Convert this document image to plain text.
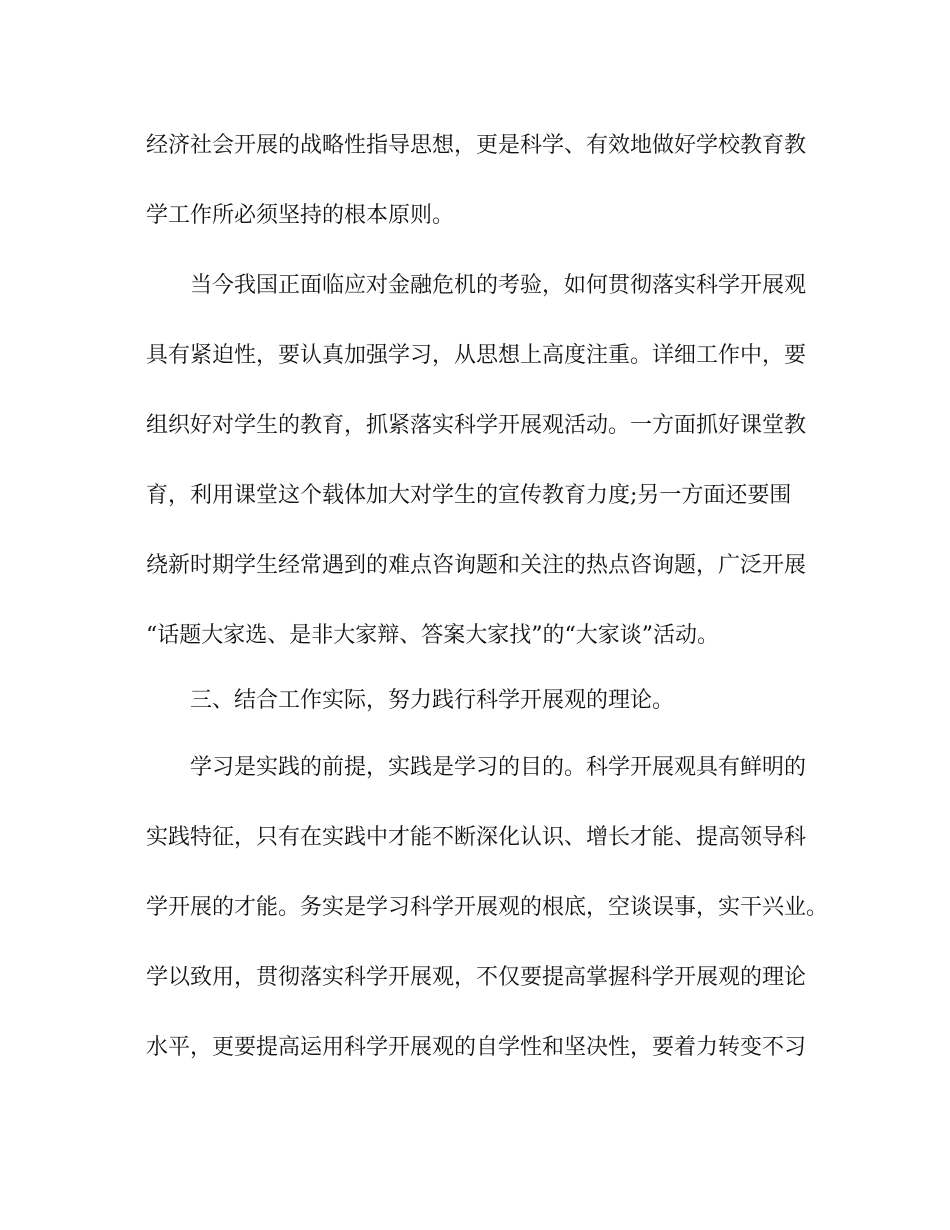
经济社会开展的战略性指导思想，更是科学、有效地做好学校教育教
学工作所必须坚持的根本原则。
当今我国正面临应对金融危机的考验，如何贯彻落实科学开展观
具有紧迫性，要认真加强学习，从思想上高度注重。详细工作中，要
组织好对学生的教育，抓紧落实科学开展观活动。一方面抓好课堂教
育，利用课堂这个载体加大对学生的宣传教育力度;另一方面还要围
绕新时期学生经常遇到的难点咨询题和关注的热点咨询题，广泛开展
“话题大家选、是非大家辩、答案大家找”的“大家谈”活动。
三、结合工作实际，努力践行科学开展观的理论。
学习是实践的前提，实践是学习的目的。科学开展观具有鲜明的
实践特征，只有在实践中才能不断深化认识、增长才能、提高领导科
学开展的才能。务实是学习科学开展观的根底，空谈误事，实干兴业。
学以致用，贯彻落实科学开展观，不仅要提高掌握科学开展观的理论
水平，更要提高运用科学开展观的自学性和坚决性，要着力转变不习
